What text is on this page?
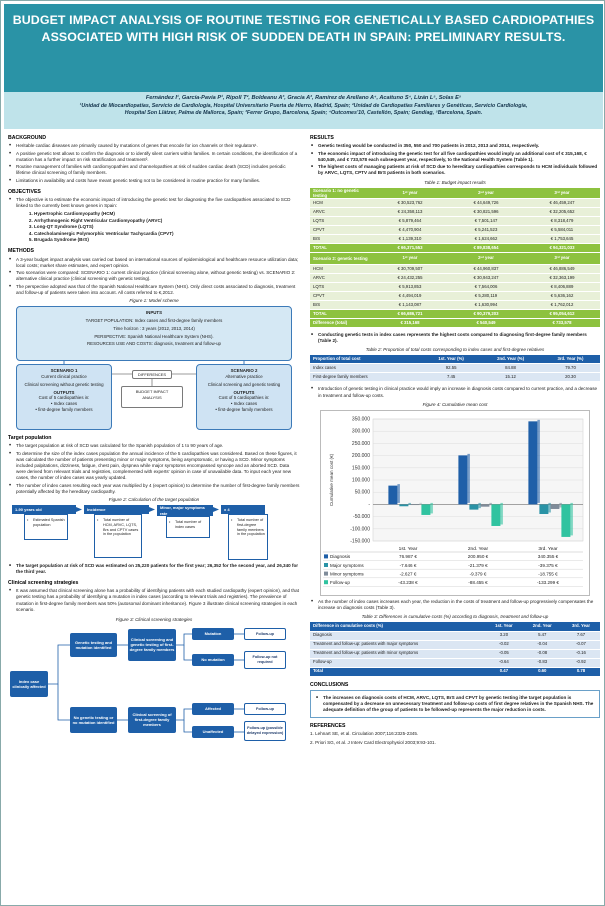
BUDGET IMPACT ANALYSIS OF ROUTINE TESTING FOR GENETICALLY BASED CARDIOPATHIES
ASSOCIATED WITH HIGH RISK OF SUDDEN DEATH IN SPAIN: PRELIMINARY RESULTS.
Fernández I¹, García-Pavía P¹, Ripoll T², Boldeanu A³, Gracia A³, Ramírez de Arellano A⁴, Acaituno S⁴, Lizán L⁵, Solas E⁵
¹Unidad de Miocardiopatías, Servicio de Cardiología, Hospital Universitario Puerta de Hierro, Madrid, Spain; ²Unidad de Cardiopatías Familiares y Genéticas, Servicio Cardiología,
Hospital Son Llàtzer, Palma de Mallorca, Spain; ³Ferrer Grupo, Barcelona, Spain; ⁴Outcomes'10, Castellón, Spain; Gendiag, ⁵Barcelona, Spain.
BACKGROUND
• Heritable cardiac diseases are primarily caused by mutations of genes that encode for ion channels or their regulators¹.
• A positive genetic test allows to confirm the diagnosis or to identify silent carriers within families. In certain conditions, the identification of a mutation has a further impact on risk stratification and treatment².
• Routine management of families with cardiomyopathies and channelopathies at risk of sudden cardiac death (SCD) includes periodic lifetime clinical screening of family members.
• Limitations in availability and costs have meant genetic testing not to be considered in routine practice for many families.
OBJECTIVES
• The objective is to estimate the economic impact of introducing the genetic test for diagnosing the five cardiopathies associated to SCD linked to the currently best known genes in Spain:
1. Hypertrophic Cardiomyopathy (HCM)
2. Arrhythmogenic Right Ventricular Cardiomyopathy (ARVC)
3. Long-QT Syndrome (LQTS)
4. Catecholaminergic Polymorphic Ventricular Tachycardia (CPVT)
5. Brugada Syndrome (BrS)
METHODS
• A 3-year budget impact analysis was carried out based on international sources of epidemiological and healthcare resource utilization data; local costs; market share estimates, and expert opinion.
• Two scenarios were compared: SCENARIO 1: current clinical practice (clinical screening alone, without genetic testing) vs. SCENARIO 2: alternative clinical practice (clinical screening with genetic testing).
• The perspective adopted was that of the Spanish National Healthcare System (NHS). Only direct costs associated to diagnosis, treatment and follow-up of patients were taken into account. All costs referred to €,2012.
Figure 1: Model scheme
INPUTS
TARGET POPULATION: Index cases and first-degree family members
Time horizon : 3 years (2012, 2013, 2014)
PERSPECTIVE: Spanish National Healthcare System (NHS).
RESOURCES USE AND COSTS: diagnosis, treatment and follow-up
SCENARIO 1
Current clinical practice
Clinical screening without genetic testing
OUTPUTS
Cost of 5 cardiopathies in:
• Index cases
• first-degree family members
SCENARIO 2
Alternative practice
Clinical screening and genetic testing
OUTPUTS
Cost of 5 cardiopathies in:
• Index cases
• first-degree family members
DIFFERENCES
BUDGET IMPACT
ANALYSIS
Target population
• The target population at risk of SCD was calculated for the Spanish population of 1 to 90 years of age.
• To determine the size of the index cases population the annual incidence of the 5 cardiopathies was considered. Based on these figures, it was calculated the number of patients presenting minor or major symptoms, being asymptomatic, or having a SCD. Minor symptoms included palpitations, dizziness, fatigue, chest pain, dyspnea while major symptoms encompassed syncope and an aborted SCD. Data were derived from relevant trials and registries, complemented with experts' opinion in case of unavailable data. To input each year new cases, the number of index cases was yearly updated.
• The number of index cases resulting each year was multiplied by 4 (expert opinion) to determine the number of first-degree family members potentially affected by the hereditary cardiopathy.
Figure 2: Calculation of the target population
1-90 years old
• Estimated Spanish population
Incidence
• Total number of HCM, ARVC, LQTS, Brs and CPTV cases in the population
Minor, major symptoms rate
• Total number of index cases
x 4
• Total number of first-degree family members in the population
• The target population at risk of SCD was estimated on 25,220 patients for the first year; 26,352 for the second year, and 26,340 for the third year.
Clinical screening strategies
• It was assumed that clinical screening alone has a probability of identifying patients with each studied cardiopathy (expert opinion), and that genetic testing has a probability of identifying a mutation in index cases (according to relevant trials and registries). The prevalence of mutation in first-degree family members was 50% (autosomal dominant inheritance). Figure 3 illustrate clinical screening strategies in each scenario.
Figure 3: Clinical screening strategies
Index case clinically affected
Genetic testing and mutation identified
No genetic testing or no mutation identified
Clinical screening and genetic testing of first-degree family members
Clinical screening of first-degree family members
Mutation
No mutation
Affected
Unaffected
Follow-up
Follow-up not required
Follow-up
Follow-up (possible delayed expression)
RESULTS
• Genetic testing would be conducted in 350, 550 and 700 patients in 2012, 2013 and 2014, respectively.
• The economic impact of introducing the genetic test for all five cardiopathies would imply an additional cost of € 315,168, € 540,549, and € 733,578 each subsequent year, respectively, to the National Health System (Table 1).
• The highest costs of managing patients at risk of SCD due to hereditary cardiopathies corresponds to HCM individuals followed by ARVC, LQTS, CPTV and BrS patients in both scenarios.
Table 1: Budget impact results
Scenario 1: no genetic testing	1ˢᵗ year	2ⁿᵈ year	3ʳᵈ year
HCM	€ 30,523,762	€ 44,649,726	€ 46,459,247
ARVC	€ 24,358,113	€ 30,821,596	€ 32,205,652
LQTS	€ 5,879,464	€ 7,501,147	€ 8,318,479
CPVT	€ 4,470,904	€ 5,241,523	€ 5,584,011
BrS	€ 1,139,310	€ 1,624,662	€ 1,753,645
TOTAL	€ 66,371,553	€ 89,838,654	€ 94,321,033
Scenario 2: genetic testing	1ˢᵗ year	2ⁿᵈ year	3ʳᵈ year
HCM	€ 30,709,507	€ 44,960,837	€ 46,886,549
ARVC	€ 24,432,255	€ 30,943,247	€ 32,363,199
LQTS	€ 5,913,853	€ 7,564,006	€ 8,406,889
CPVT	€ 4,494,019	€ 5,280,119	€ 5,636,162
BrS	€ 1,143,087	€ 1,630,994	€ 1,762,012
TOTAL	€ 66,686,721	€ 90,379,203	€ 95,054,612
Difference (total)	€ 315,168	€ 540,549	€ 733,578
• Conducting genetic tests in index cases represents the highest costs compared to diagnosing first-degree family members (Table 2).
Table 2: Proportion of total costs corresponding to index cases and first-degree relatives
Proportion of total cost	1st. Year (%)	2nd. Year (%)	3rd. Year (%)
Index cases	92.55	84.88	79.70
First-degree family members	7.45	15.12	20.30
• Introduction of genetic testing in clinical practice would imply an increase in diagnosis costs compared to current practice, and a decrease in treatment and follow-up costs.
Figure 4: Cumulative mean cost
350.000
300.000
250.000
200.000
150.000
100.000
50.000
-
-50.000
-100.000
-150.000
Cumulative mean cost (€)
1st. Year	2nd. Year	3rd. Year
Diagnosis	76.987 €	200.950 €	340.355 €
Major symptoms	-7.646 €	-21.379 €	-39.375 €
Minor symptoms	-2.627 €	-9.379 €	-18.755 €
Follow-up	-43.238 €	-88.455 €	-133.299 €
• As the number of index cases increases each year, the reduction in the costs of treatment and follow-up progressively compensates the increase on diagnosis costs (Table 3).
Table 3: Differences in cumulative costs (%) according to diagnosis, treatment and follow-up
Difference in cumulative costs (%)	1st. Year	2nd. Year	3rd. Year
Diagnosis	3.20	5.47	7.67
Treatment and follow-up: patients with major symptoms	-0.02	-0.04	-0.07
Treatment and follow-up: patients with minor symptoms	-0.05	-0.08	-0.16
Follow-up	-0.64	-0.83	-0.92
Total	0.47	0.60	0.78
CONCLUSIONS
• The increases on diagnosis costs of HCM, ARVC, LQTS, BrS and CPVT by genetic testing ithe target population is compensated by a decrease on unnecessary treatment and follow-up costs of first degree relatives in the Spanish NHS. The adequate definition of the group of patients to be followed-up represents the major reduction in costs.
REFERENCES

1. Lehnart SE, et al. Circulation 2007;116:2325-2345.

2. Priori SG, et al. J Interv Card Electrophysiol 2003;9:93-101.
